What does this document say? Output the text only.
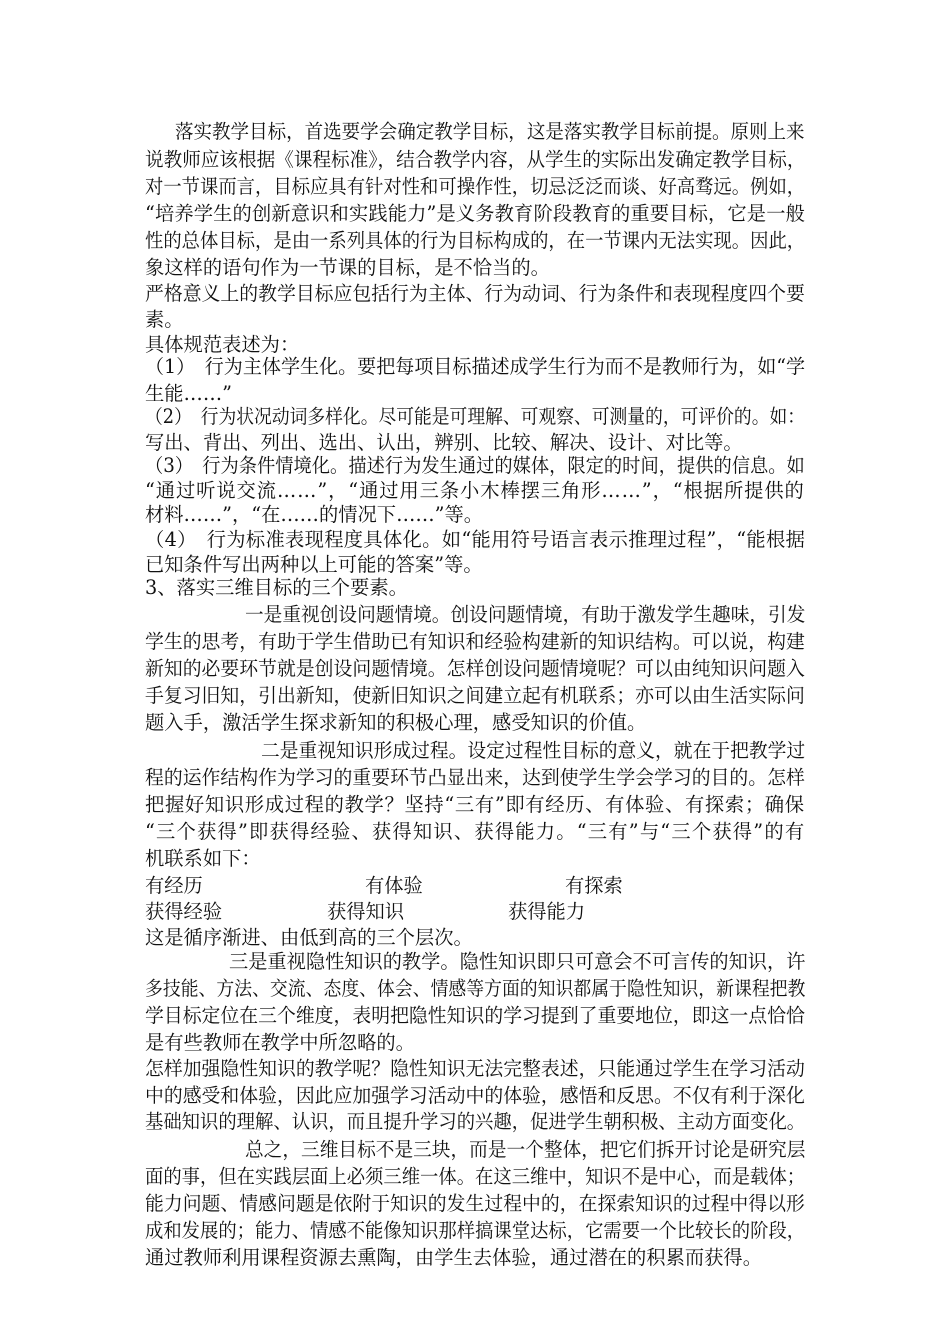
落实教学目标，首选要学会确定教学目标，这是落实教学目标前提。原则上来
说教师应该根据《课程标准》，结合教学内容，从学生的实际出发确定教学目标，
对一节课而言，目标应具有针对性和可操作性，切忌泛泛而谈、好高骛远。例如，
“培养学生的创新意识和实践能力”是义务教育阶段教育的重要目标，它是一般
性的总体目标，是由一系列具体的行为目标构成的，在一节课内无法实现。因此，
象这样的语句作为一节课的目标，是不恰当的。
严格意义上的教学目标应包括行为主体、行为动词、行为条件和表现程度四个要
素。
具体规范表述为：
（1）　行为主体学生化。要把每项目标描述成学生行为而不是教师行为，如“学
生能……”
（2）　行为状况动词多样化。尽可能是可理解、可观察、可测量的，可评价的。如：
写出、背出、列出、选出、认出，辨别、比较、解决、设计、对比等。
（3）　行为条件情境化。描述行为发生通过的媒体，限定的时间，提供的信息。如
“通过听说交流……”，“通过用三条小木棒摆三角形……”，“根据所提供的
材料……”，“在……的情况下……”等。
（4）　行为标准表现程度具体化。如“能用符号语言表示推理过程”，“能根据
已知条件写出两种以上可能的答案”等。
3、落实三维目标的三个要素。
一是重视创设问题情境。创设问题情境，有助于激发学生趣味，引发
学生的思考，有助于学生借助已有知识和经验构建新的知识结构。可以说，构建
新知的必要环节就是创设问题情境。怎样创设问题情境呢？可以由纯知识问题入
手复习旧知，引出新知，使新旧知识之间建立起有机联系；亦可以由生活实际问
题入手，激活学生探求新知的积极心理，感受知识的价值。
二是重视知识形成过程。设定过程性目标的意义，就在于把教学过
程的运作结构作为学习的重要环节凸显出来，达到使学生学会学习的目的。怎样
把握好知识形成过程的教学？坚持“三有”即有经历、有体验、有探索；确保
“三个获得”即获得经验、获得知识、获得能力。“三有”与“三个获得”的有
机联系如下：
有经历	有体验	有探索
获得经验	获得知识	获得能力
这是循序渐进、由低到高的三个层次。
三是重视隐性知识的教学。隐性知识即只可意会不可言传的知识，许
多技能、方法、交流、态度、体会、情感等方面的知识都属于隐性知识，新课程把教
学目标定位在三个维度，表明把隐性知识的学习提到了重要地位，即这一点恰恰
是有些教师在教学中所忽略的。
怎样加强隐性知识的教学呢？隐性知识无法完整表述，只能通过学生在学习活动
中的感受和体验，因此应加强学习活动中的体验，感悟和反思。不仅有利于深化
基础知识的理解、认识，而且提升学习的兴趣，促进学生朝积极、主动方面变化。
总之，三维目标不是三块，而是一个整体，把它们拆开讨论是研究层
面的事，但在实践层面上必须三维一体。在这三维中，知识不是中心，而是载体；
能力问题、情感问题是依附于知识的发生过程中的，在探索知识的过程中得以形
成和发展的；能力、情感不能像知识那样搞课堂达标，它需要一个比较长的阶段，
通过教师利用课程资源去熏陶，由学生去体验，通过潜在的积累而获得。
